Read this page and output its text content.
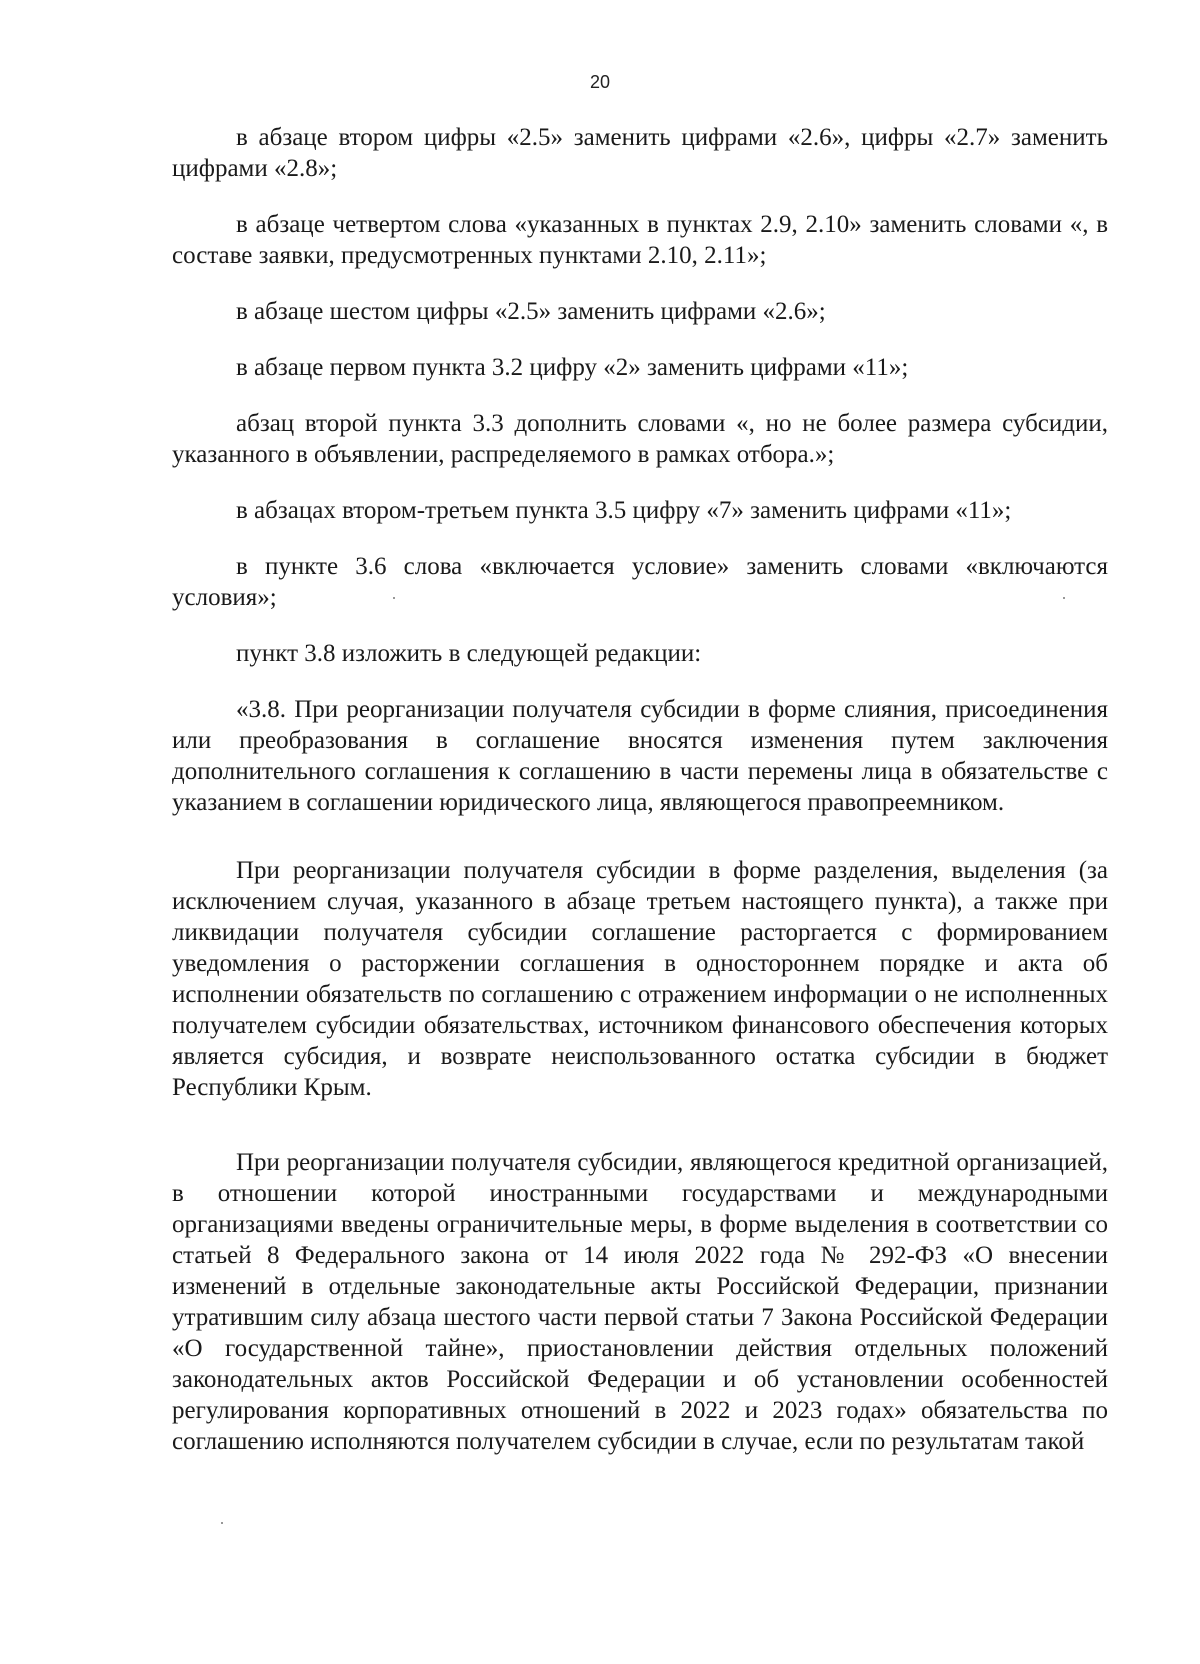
20

в абзаце втором цифры «2.5» заменить цифрами «2.6», цифры «2.7» заменить цифрами «2.8»;

в абзаце четвертом слова «указанных в пунктах 2.9, 2.10» заменить словами «, в составе заявки, предусмотренных пунктами 2.10, 2.11»;

в абзаце шестом цифры «2.5» заменить цифрами «2.6»;

в абзаце первом пункта 3.2 цифру «2» заменить цифрами «11»;

абзац второй пункта 3.3 дополнить словами «, но не более размера субсидии, указанного в объявлении, распределяемого в рамках отбора.»;

в абзацах втором-третьем пункта 3.5 цифру «7» заменить цифрами «11»;

в пункте 3.6 слова «включается условие» заменить словами «включаются условия»;

пункт 3.8 изложить в следующей редакции:

«3.8. При реорганизации получателя субсидии в форме слияния, присоединения или преобразования в соглашение вносятся изменения путем заключения дополнительного соглашения к соглашению в части перемены лица в обязательстве с указанием в соглашении юридического лица, являющегося правопреемником.

При реорганизации получателя субсидии в форме разделения, выделения (за исключением случая, указанного в абзаце третьем настоящего пункта), а также при ликвидации получателя субсидии соглашение расторгается с формированием уведомления о расторжении соглашения в одностороннем порядке и акта об исполнении обязательств по соглашению с отражением информации о не исполненных получателем субсидии обязательствах, источником финансового обеспечения которых является субсидия, и возврате неиспользованного остатка субсидии в бюджет Республики Крым.

При реорганизации получателя субсидии, являющегося кредитной организацией, в отношении которой иностранными государствами и международными организациями введены ограничительные меры, в форме выделения в соответствии со статьей 8 Федерального закона от 14 июля 2022 года № 292-ФЗ «О внесении изменений в отдельные законодательные акты Российской Федерации, признании утратившим силу абзаца шестого части первой статьи 7 Закона Российской Федерации «О государственной тайне», приостановлении действия отдельных положений законодательных актов Российской Федерации и об установлении особенностей регулирования корпоративных отношений в 2022 и 2023 годах» обязательства по соглашению исполняются получателем субсидии в случае, если по результатам такой
